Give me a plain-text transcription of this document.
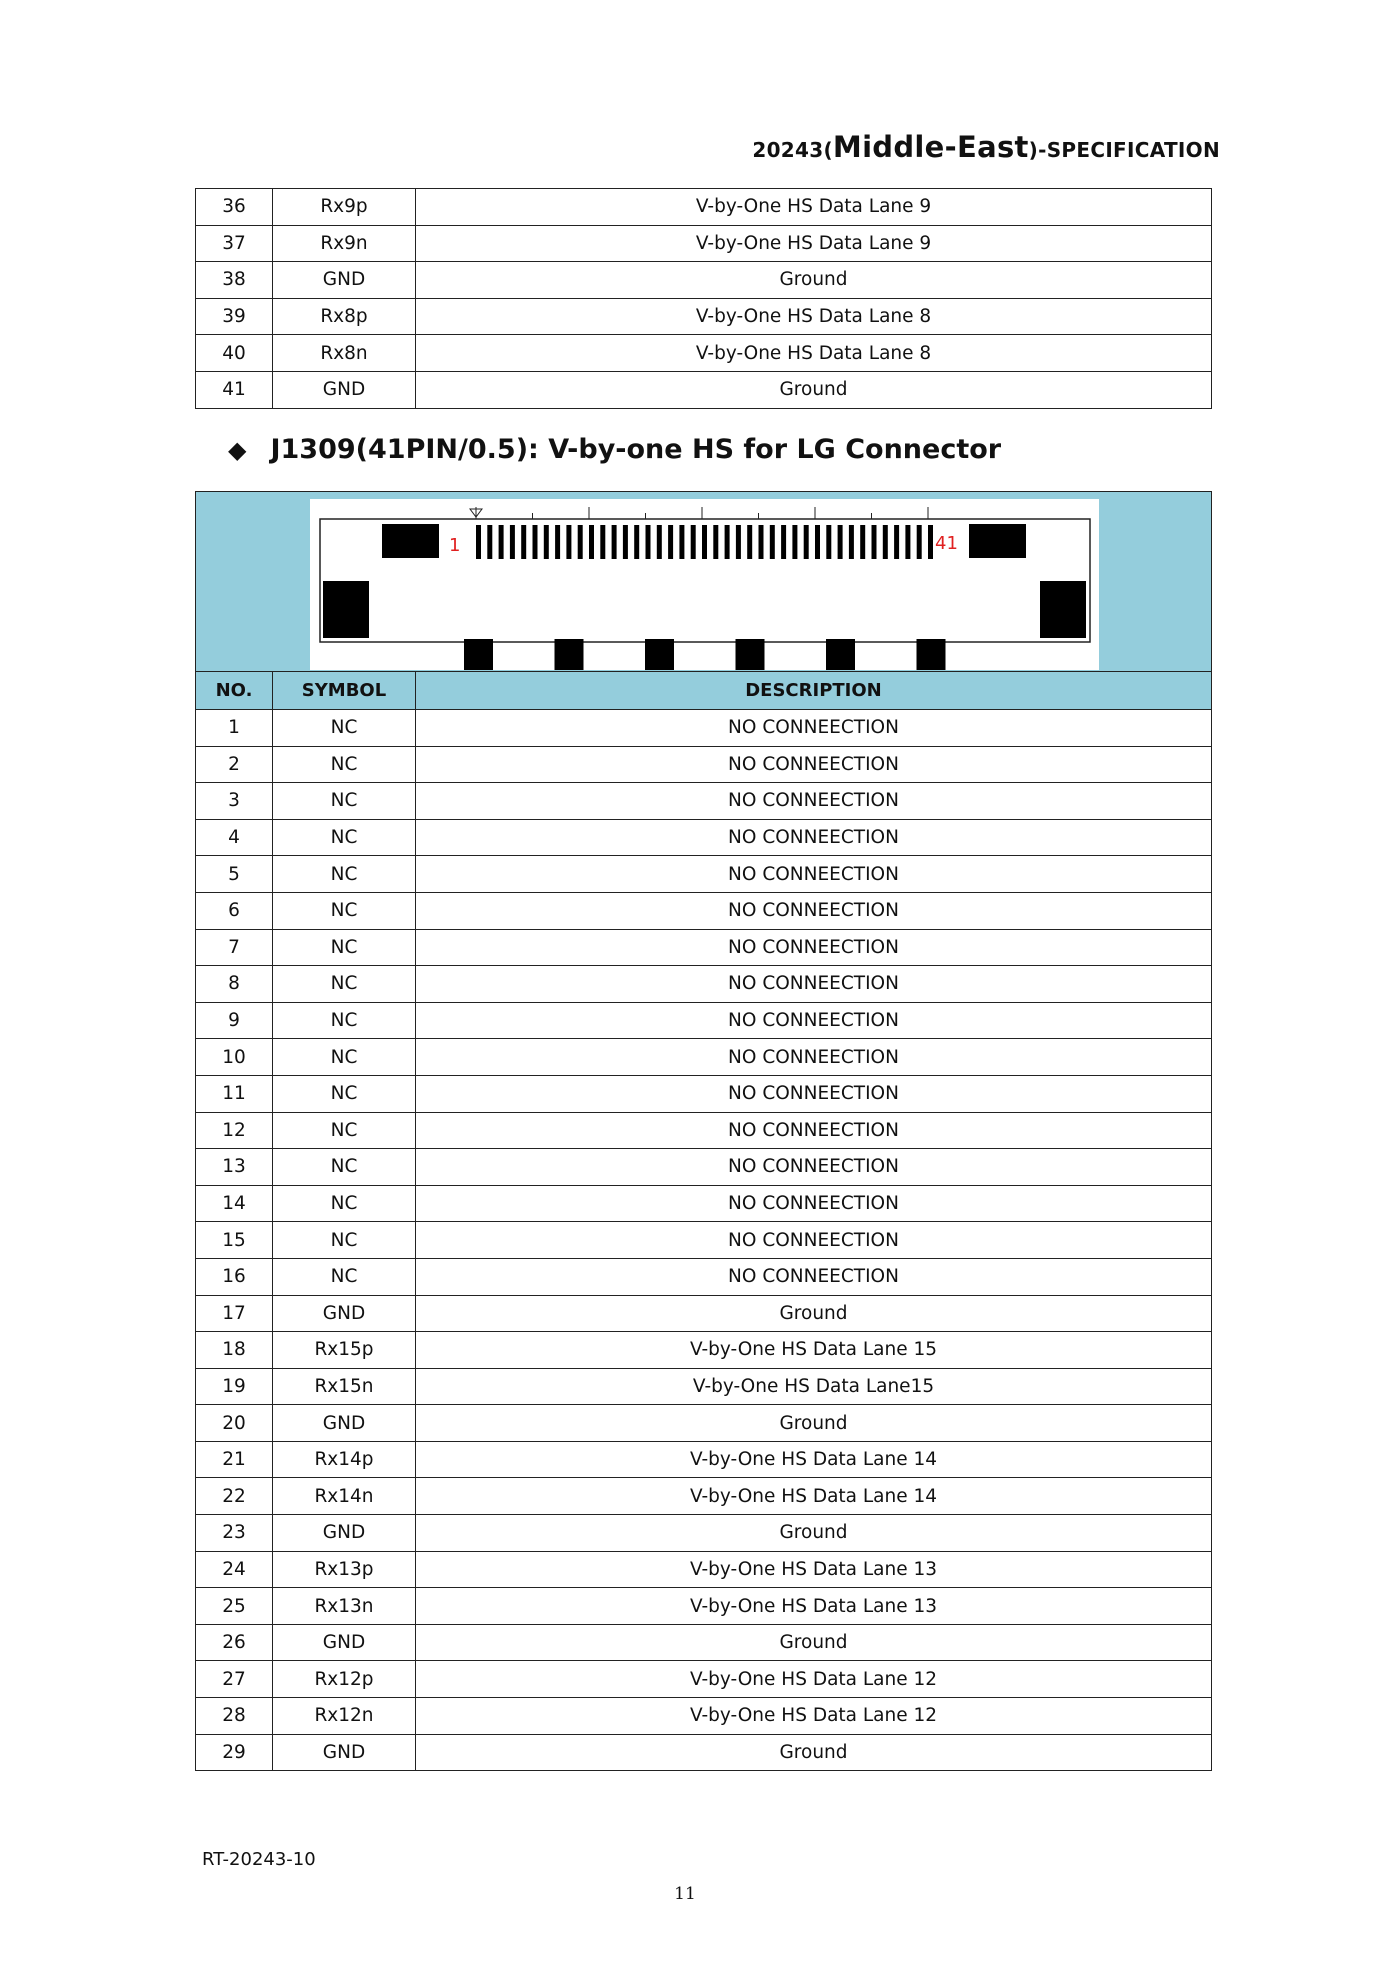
20243(Middle-East)-SPECIFICATION
36	Rx9p	V-by-One HS Data Lane 9
37	Rx9n	V-by-One HS Data Lane 9
38	GND	Ground
39	Rx8p	V-by-One HS Data Lane 8
40	Rx8n	V-by-One HS Data Lane 8
41	GND	Ground
◆ J1309(41PIN/0.5): V-by-one HS for LG Connector
1 41		

NO.	SYMBOL	DESCRIPTION
1	NC	NO CONNEECTION
2	NC	NO CONNEECTION
3	NC	NO CONNEECTION
4	NC	NO CONNEECTION
5	NC	NO CONNEECTION
6	NC	NO CONNEECTION
7	NC	NO CONNEECTION
8	NC	NO CONNEECTION
9	NC	NO CONNEECTION
10	NC	NO CONNEECTION
11	NC	NO CONNEECTION
12	NC	NO CONNEECTION
13	NC	NO CONNEECTION
14	NC	NO CONNEECTION
15	NC	NO CONNEECTION
16	NC	NO CONNEECTION
17	GND	Ground
18	Rx15p	V-by-One HS Data Lane 15
19	Rx15n	V-by-One HS Data Lane15
20	GND	Ground
21	Rx14p	V-by-One HS Data Lane 14
22	Rx14n	V-by-One HS Data Lane 14
23	GND	Ground
24	Rx13p	V-by-One HS Data Lane 13
25	Rx13n	V-by-One HS Data Lane 13
26	GND	Ground
27	Rx12p	V-by-One HS Data Lane 12
28	Rx12n	V-by-One HS Data Lane 12
29	GND	Ground
RT-20243-10
11
